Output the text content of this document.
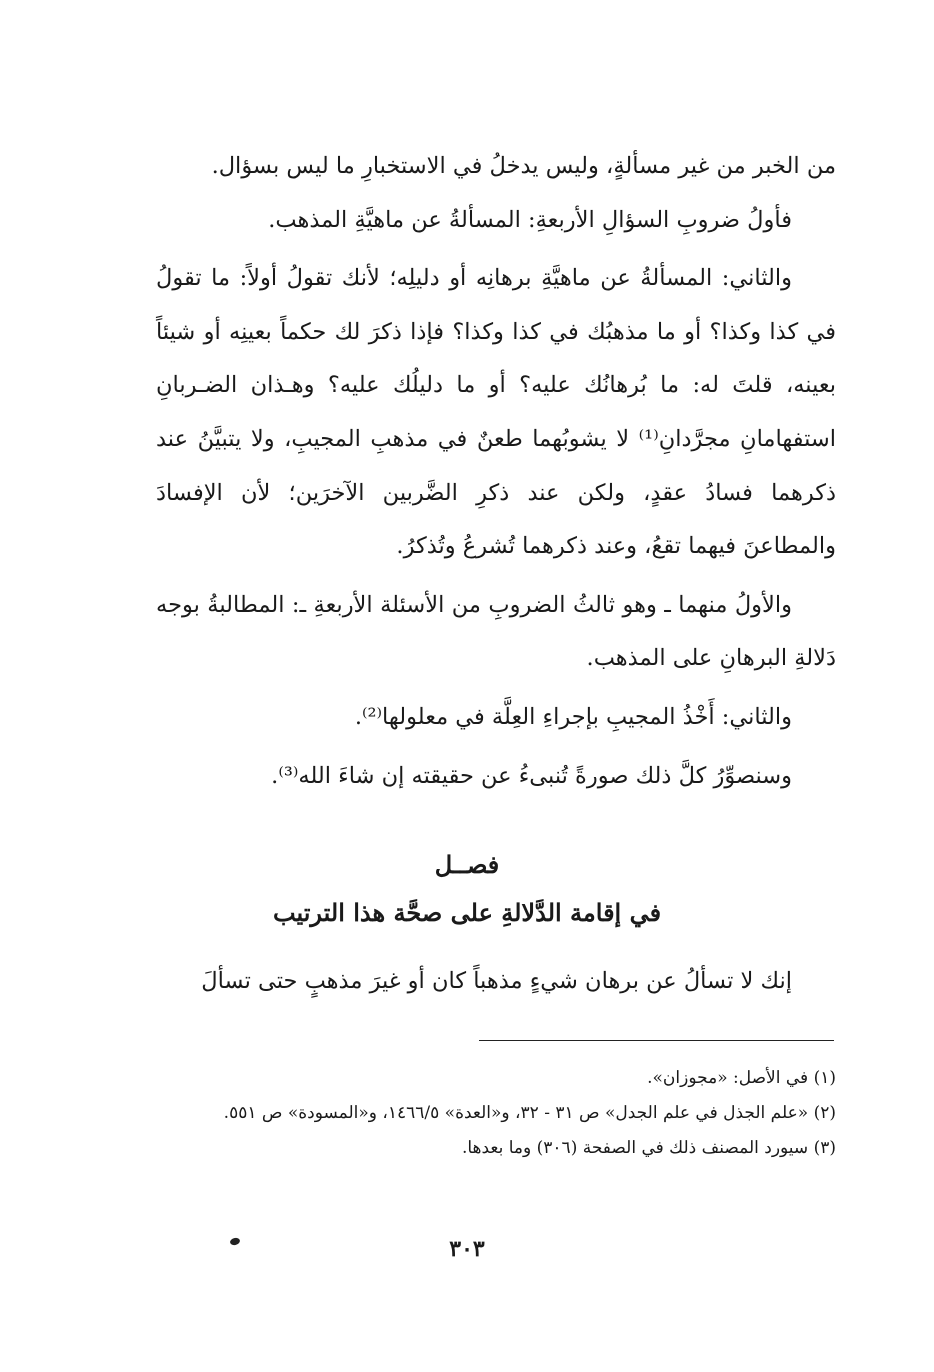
من الخبر من غير مسألةٍ، وليس يدخلُ في الاستخبارِ ما ليس بسؤال.

فأولُ ضروبِ السؤالِ الأربعةِ: المسألةُ عن ماهيَّةِ المذهب.

والثاني: المسألةُ عن ماهيَّةِ برهانِه أو دليلِه؛ لأنك تقولُ أولاً: ما تقولُ في كذا وكذا؟ أو ما مذهبُك في كذا وكذا؟ فإذا ذكرَ لك حكماً بعينِه أو شيئاً بعينه، قلتَ له: ما بُرهانُك عليه؟ أو ما دليلُك عليه؟ وهـذان الضـربانِ استفهامانِ مجرَّدانِ⁽¹⁾ لا يشوبُهما طعنٌ في مذهبِ المجيبِ، ولا يتبيَّنُ عند ذكرهما فسادُ عقدٍ، ولكن عند ذكرِ الضَّربين الآخرَين؛ لأن الإفسادَ والمطاعنَ فيهما تقعُ، وعند ذكرهما تُشرعُ وتُذكرُ.

والأولُ منهما ـ وهو ثالثُ الضروبِ من الأسئلة الأربعةِ ـ: المطالبةُ بوجه دَلالةِ البرهانِ على المذهب.

والثاني: أَخْذُ المجيبِ بإجراءِ العِلَّة في معلولها⁽²⁾.

وسنصوِّرُ كلَّ ذلك صورةً تُنبىءُ عن حقيقته إن شاءَ الله⁽³⁾.

فصــل
في إقامة الدَّلالةِ على صحَّة هذا الترتيب
إنك لا تسألُ عن برهان شيءٍ مذهباً كان أو غيرَ مذهبٍ حتى تسألَ

(١) في الأصل: «مجوزان».

(٢) «علم الجذل في علم الجدل» ص ٣١ - ٣٢، و«العدة» ١٤٦٦/٥، و«المسودة» ص ٥٥١.

(٣) سيورد المصنف ذلك في الصفحة (٣٠٦) وما بعدها.

٣٠٣
